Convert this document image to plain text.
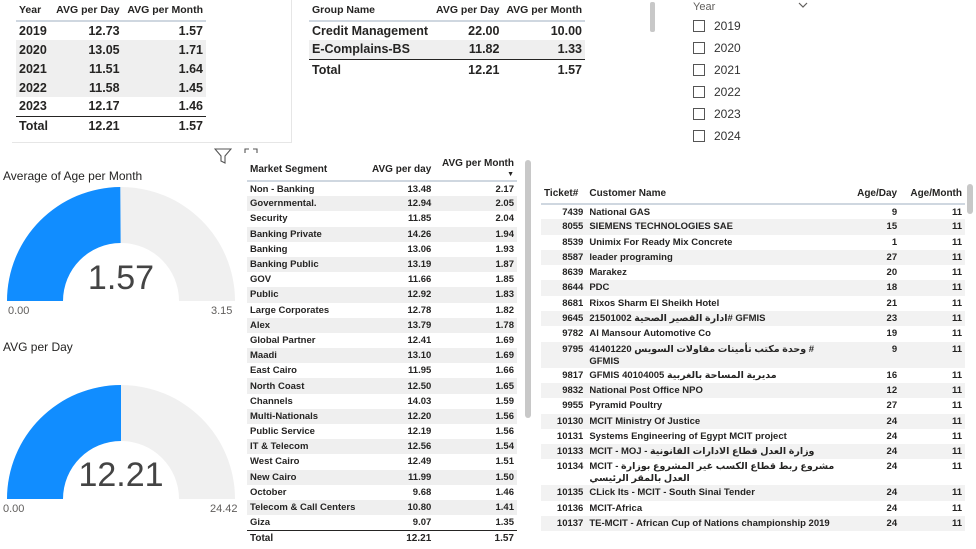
Year	AVG per Day	AVG per Month
2019	12.73	1.57
2020	13.05	1.71
2021	11.51	1.64
2022	11.58	1.45
2023	12.17	1.46
Total	12.21	1.57
Group Name	AVG per Day	AVG per Month
Credit Management	22.00	10.00
E-Complains-BS	11.82	1.33
Total	12.21	1.57
Year
2019
2020
2021
2022
2023
2024
Average of Age per Month
1.57
0.00	3.15
AVG per Day
12.21
0.00	24.42
Market Segment	AVG per day	AVG per Month
▼
Non - Banking	13.48	2.17
Governmental.	12.94	2.05
Security	11.85	2.04
Banking Private	14.26	1.94
Banking	13.06	1.93
Banking Public	13.19	1.87
GOV	11.66	1.85
Public	12.92	1.83
Large Corporates	12.78	1.82
Alex	13.79	1.78
Global Partner	12.41	1.69
Maadi	13.10	1.69
East Cairo	11.95	1.66
North Coast	12.50	1.65
Channels	14.03	1.59
Multi-Nationals	12.20	1.56
Public Service	12.19	1.56
IT & Telecom	12.56	1.54
West Cairo	12.49	1.51
New Cairo	11.99	1.50
October	9.68	1.46
Telecom & Call Centers	10.80	1.41
Giza	9.07	1.35
Total	12.21	1.57
Ticket#	Customer Name	Age/Day	Age/Month
7439	National GAS	9	11
8055	SIEMENS TECHNOLOGIES SAE	15	11
8539	Unimix For Ready Mix Concrete	1	11
8587	leader programing	27	11
8639	Marakez	20	11
8644	PDC	18	11
8681	Rixos Sharm El Sheikh Hotel	21	11
9645	21501002 ادارة القصير الصحية# GFMIS	23	11
9782	Al Mansour Automotive Co	19	11
9795	41401220 وحدة مكتب تأمينات مقاولات السويس # GFMIS	9	11
9817	GFMIS 40104005 مديرية المساحة بالغربية	16	11
9832	National Post Office NPO	12	11
9955	Pyramid Poultry	27	11
10130	MCIT Ministry Of Justice	24	11
10131	Systems Engineering of Egypt MCIT project	24	11
10133	MCIT - MOJ - وزارة العدل قطاع الادارات القانونية	24	11
10134	MCIT - مشروع ربط قطاع الكسب غير المشروع بوزارة العدل بالمقر الرئيسي	24	11
10135	CLick Its - MCIT - South Sinai Tender	24	11
10136	MCIT-Africa	24	11
10137	TE-MCIT - African Cup of Nations championship 2019	24	11
